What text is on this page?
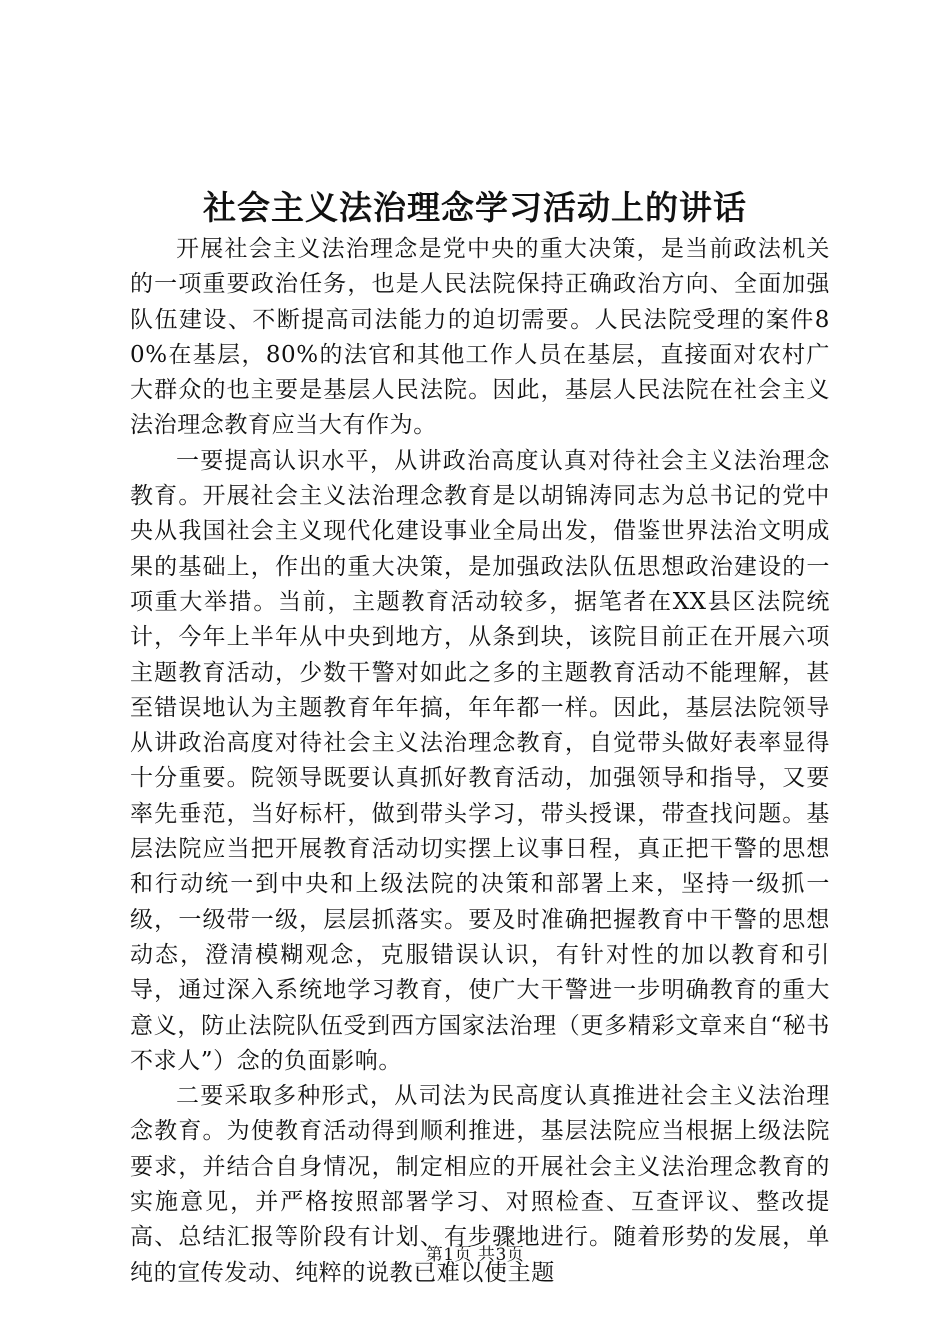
社会主义法治理念学习活动上的讲话

开展社会主义法治理念是党中央的重大决策，是当前政法机关的一项重要政治任务，也是人民法院保持正确政治方向、全面加强队伍建设、不断提高司法能力的迫切需要。人民法院受理的案件80%在基层，80%的法官和其他工作人员在基层，直接面对农村广大群众的也主要是基层人民法院。因此，基层人民法院在社会主义法治理念教育应当大有作为。

一要提高认识水平，从讲政治高度认真对待社会主义法治理念教育。开展社会主义法治理念教育是以胡锦涛同志为总书记的党中央从我国社会主义现代化建设事业全局出发，借鉴世界法治文明成果的基础上，作出的重大决策，是加强政法队伍思想政治建设的一项重大举措。当前，主题教育活动较多，据笔者在XX县区法院统计，今年上半年从中央到地方，从条到块，该院目前正在开展六项主题教育活动，少数干警对如此之多的主题教育活动不能理解，甚至错误地认为主题教育年年搞，年年都一样。因此，基层法院领导从讲政治高度对待社会主义法治理念教育，自觉带头做好表率显得十分重要。院领导既要认真抓好教育活动，加强领导和指导，又要率先垂范，当好标杆，做到带头学习，带头授课，带查找问题。基层法院应当把开展教育活动切实摆上议事日程，真正把干警的思想和行动统一到中央和上级法院的决策和部署上来，坚持一级抓一级，一级带一级，层层抓落实。要及时准确把握教育中干警的思想动态，澄清模糊观念，克服错误认识，有针对性的加以教育和引导，通过深入系统地学习教育，使广大干警进一步明确教育的重大意义，防止法院队伍受到西方国家法治理（更多精彩文章来自“秘书不求人”）念的负面影响。

二要采取多种形式，从司法为民高度认真推进社会主义法治理念教育。为使教育活动得到顺利推进，基层法院应当根据上级法院要求，并结合自身情况，制定相应的开展社会主义法治理念教育的实施意见，并严格按照部署学习、对照检查、互查评议、整改提高、总结汇报等阶段有计划、有步骤地进行。随着形势的发展，单纯的宣传发动、纯粹的说教已难以使主题

第1页 共3页
